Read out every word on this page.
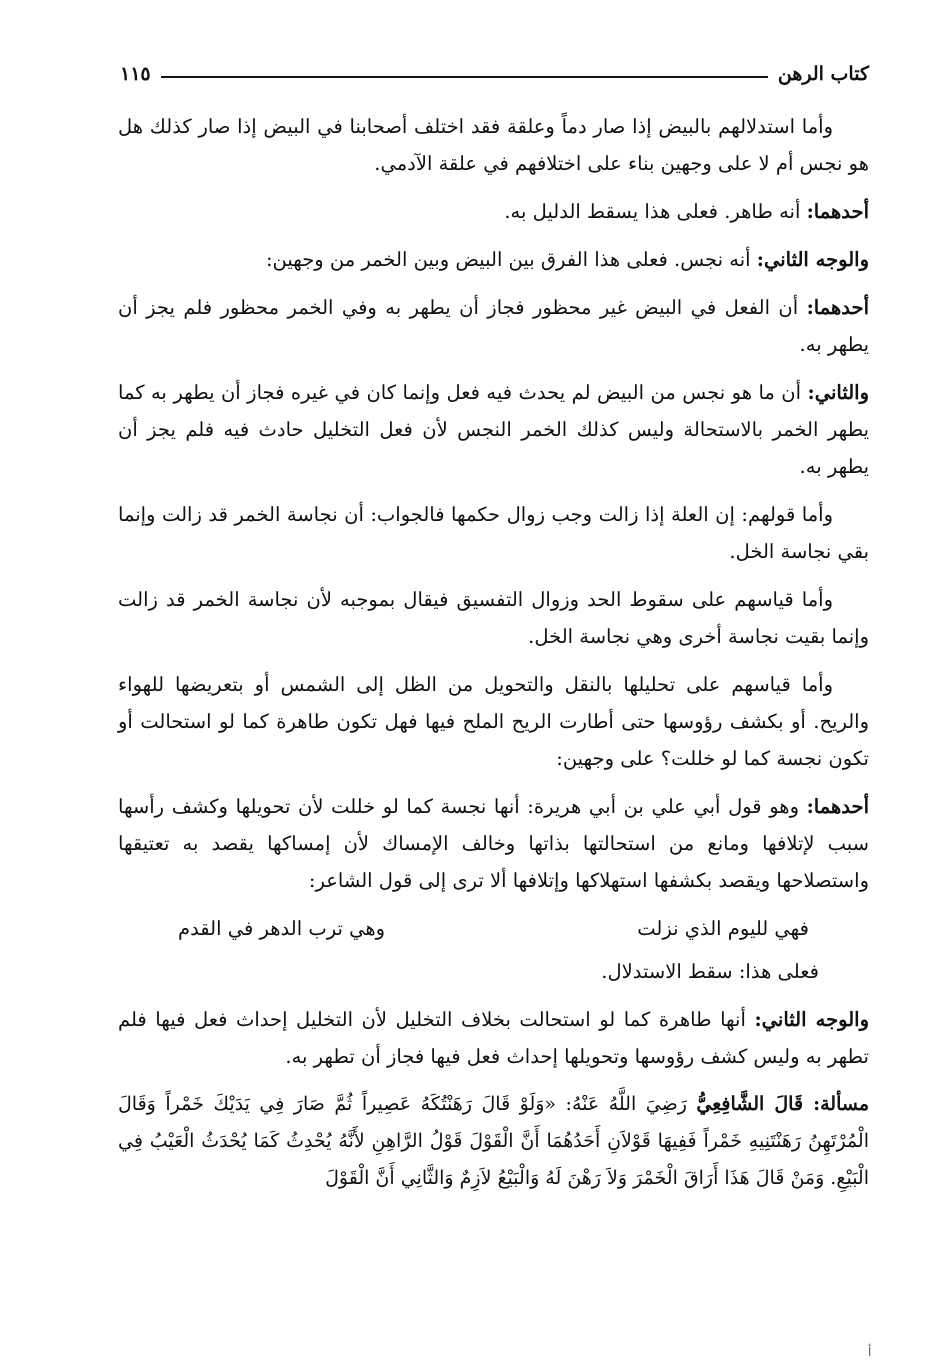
كتاب الرهن
١١٥

وأما استدلالهم بالبيض إذا صار دماً وعلقة فقد اختلف أصحابنا في البيض إذا صار كذلك هل هو نجس أم لا على وجهين بناء على اختلافهم في علقة الآدمي.

أحدهما: أنه طاهر. فعلى هذا يسقط الدليل به.

والوجه الثاني: أنه نجس. فعلى هذا الفرق بين البيض وبين الخمر من وجهين:

أحدهما: أن الفعل في البيض غير محظور فجاز أن يطهر به وفي الخمر محظور فلم يجز أن يطهر به.

والثاني: أن ما هو نجس من البيض لم يحدث فيه فعل وإنما كان في غيره فجاز أن يطهر به كما يطهر الخمر بالاستحالة وليس كذلك الخمر النجس لأن فعل التخليل حادث فيه فلم يجز أن يطهر به.

وأما قولهم: إن العلة إذا زالت وجب زوال حكمها فالجواب: أن نجاسة الخمر قد زالت وإنما بقي نجاسة الخل.

وأما قياسهم على سقوط الحد وزوال التفسيق فيقال بموجبه لأن نجاسة الخمر قد زالت وإنما بقيت نجاسة أخرى وهي نجاسة الخل.

وأما قياسهم على تحليلها بالنقل والتحويل من الظل إلى الشمس أو بتعريضها للهواء والريح. أو بكشف رؤوسها حتى أطارت الريح الملح فيها فهل تكون طاهرة كما لو استحالت أو تكون نجسة كما لو خللت؟ على وجهين:

أحدهما: وهو قول أبي علي بن أبي هريرة: أنها نجسة كما لو خللت لأن تحويلها وكشف رأسها سبب لإتلافها ومانع من استحالتها بذاتها وخالف الإمساك لأن إمساكها يقصد به تعتيقها واستصلاحها ويقصد بكشفها استهلاكها وإتلافها ألا ترى إلى قول الشاعر:

فهي لليوم الذي نزلت
وهي ترب الدهر في القدم

فعلى هذا: سقط الاستدلال.

والوجه الثاني: أنها طاهرة كما لو استحالت بخلاف التخليل لأن التخليل إحداث فعل فيها فلم تطهر به وليس كشف رؤوسها وتحويلها إحداث فعل فيها فجاز أن تطهر به.

مسألة: قَالَ الشَّافِعِيُّ رَضِيَ اللَّهُ عَنْهُ: «وَلَوْ قَالَ رَهَنْتُكَهُ عَصِيراً ثُمَّ صَارَ فِي يَدَيْكَ خَمْراً وَقَالَ الْمُرْتَهِنُ رَهَنْتَنِيهِ خَمْراً فَفِيهَا قَوْلاَنِ أَحَدُهُمَا أَنَّ الْقَوْلَ قَوْلُ الرَّاهِنِ لأَنَّهُ يُحْدِثُ كَمَا يُحْدَثُ الْعَيْبُ فِي الْبَيْعِ. وَمَنْ قَالَ هَذَا أَرَاقَ الْخَمْرَ وَلاَ رَهْنَ لَهُ وَالْبَيْعُ لاَزِمٌ وَالثَّانِي أَنَّ الْقَوْلَ

أ
